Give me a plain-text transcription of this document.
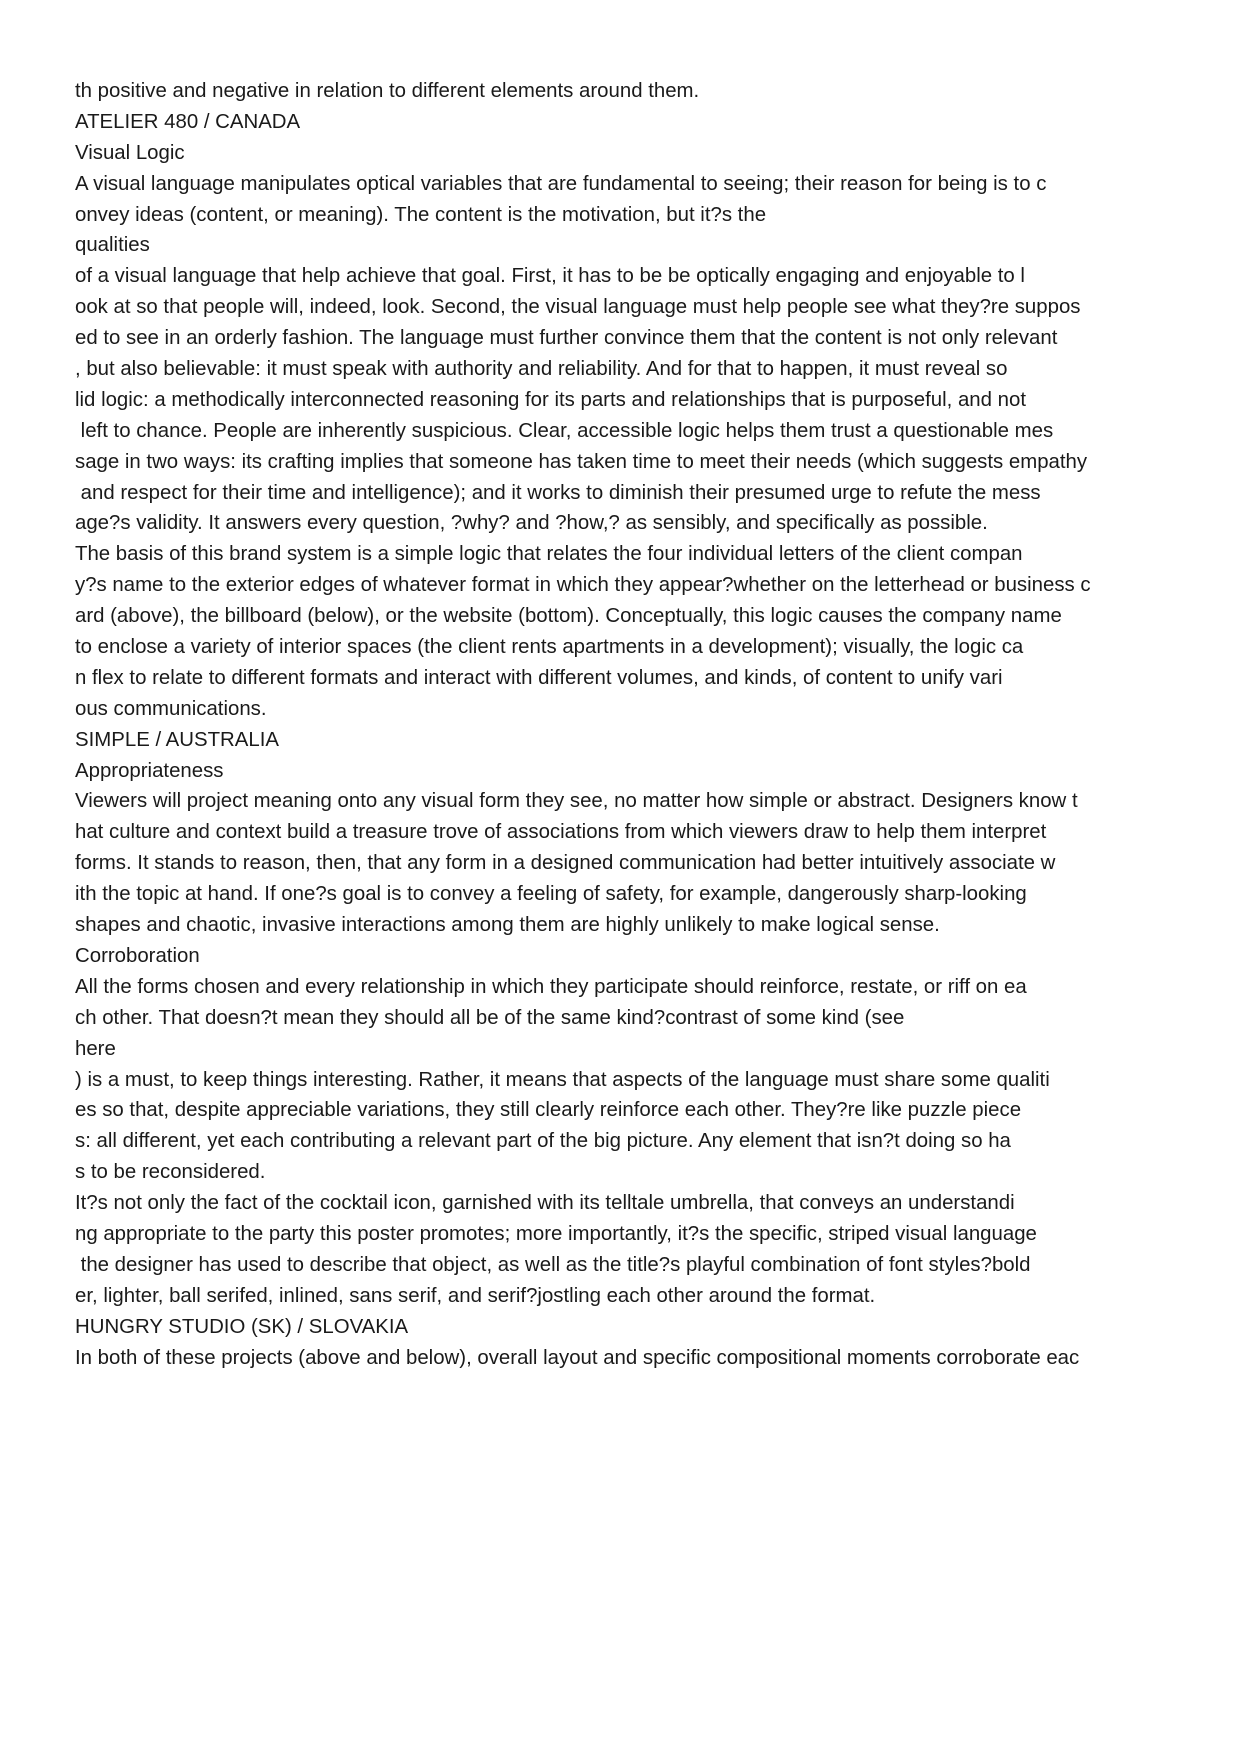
th positive and negative in relation to different elements around them.
ATELIER 480 / CANADA
Visual Logic
A visual language manipulates optical variables that are fundamental to seeing; their reason for being is to c
onvey ideas (content, or meaning). The content is the motivation, but it?s the
qualities
of a visual language that help achieve that goal. First, it has to be be optically engaging and enjoyable to l
ook at so that people will, indeed, look. Second, the visual language must help people see what they?re suppos
ed to see in an orderly fashion. The language must further convince them that the content is not only relevant
, but also believable: it must speak with authority and reliability. And for that to happen, it must reveal so
lid logic: a methodically interconnected reasoning for its parts and relationships that is purposeful, and not
left to chance. People are inherently suspicious. Clear, accessible logic helps them trust a questionable mes
sage in two ways: its crafting implies that someone has taken time to meet their needs (which suggests empathy
and respect for their time and intelligence); and it works to diminish their presumed urge to refute the mess
age?s validity. It answers every question, ?why? and ?how,? as sensibly, and specifically as possible.
The basis of this brand system is a simple logic that relates the four individual letters of the client compan
y?s name to the exterior edges of whatever format in which they appear?whether on the letterhead or business c
ard (above), the billboard (below), or the website (bottom). Conceptually, this logic causes the company name
to enclose a variety of interior spaces (the client rents apartments in a development); visually, the logic ca
n flex to relate to different formats and interact with different volumes, and kinds, of content to unify vari
ous communications.
SIMPLE / AUSTRALIA
Appropriateness
Viewers will project meaning onto any visual form they see, no matter how simple or abstract. Designers know t
hat culture and context build a treasure trove of associations from which viewers draw to help them interpret
forms. It stands to reason, then, that any form in a designed communication had better intuitively associate w
ith the topic at hand. If one?s goal is to convey a feeling of safety, for example, dangerously sharp-looking
shapes and chaotic, invasive interactions among them are highly unlikely to make logical sense.
Corroboration
All the forms chosen and every relationship in which they participate should reinforce, restate, or riff on ea
ch other. That doesn?t mean they should all be of the same kind?contrast of some kind (see
here
) is a must, to keep things interesting. Rather, it means that aspects of the language must share some qualiti
es so that, despite appreciable variations, they still clearly reinforce each other. They?re like puzzle piece
s: all different, yet each contributing a relevant part of the big picture. Any element that isn?t doing so ha
s to be reconsidered.
It?s not only the fact of the cocktail icon, garnished with its telltale umbrella, that conveys an understandi
ng appropriate to the party this poster promotes; more importantly, it?s the specific, striped visual language
the designer has used to describe that object, as well as the title?s playful combination of font styles?bold
er, lighter, ball serifed, inlined, sans serif, and serif?jostling each other around the format.
HUNGRY STUDIO (SK) / SLOVAKIA
In both of these projects (above and below), overall layout and specific compositional moments corroborate eac
